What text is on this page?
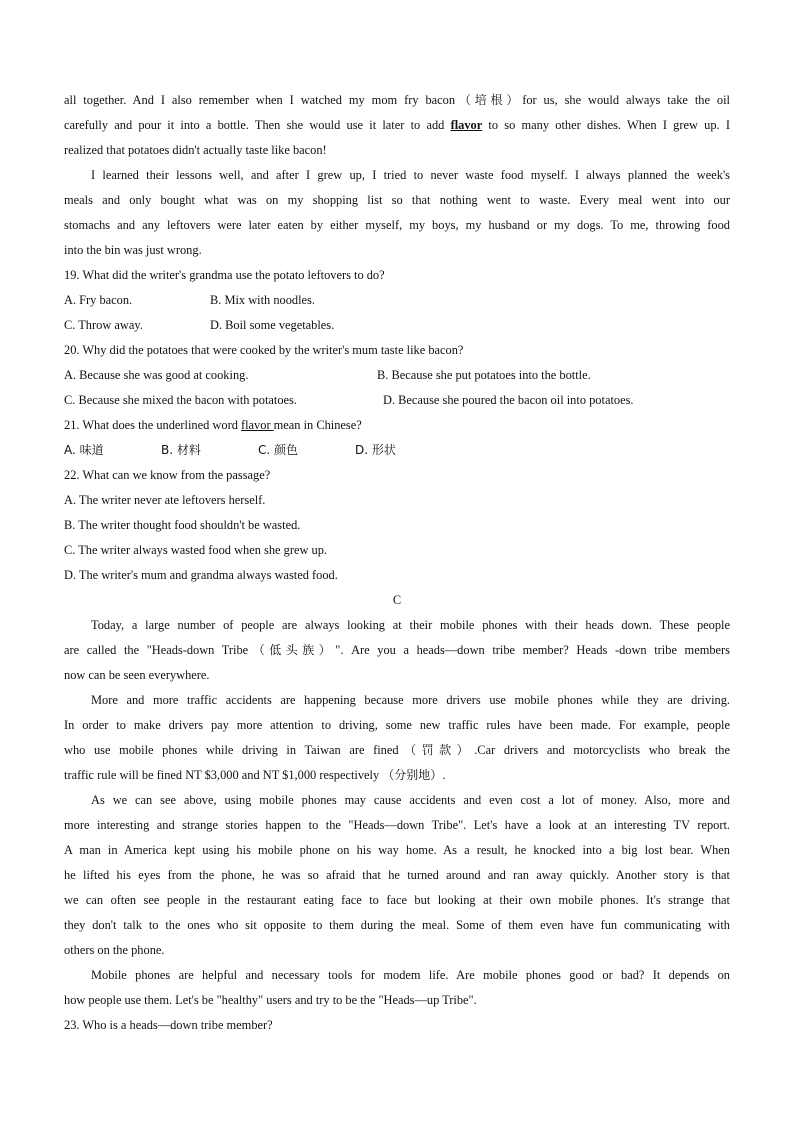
all together. And I also remember when I watched my mom fry bacon（培根）for us, she would always take the oil
carefully and pour it into a bottle. Then she would use it later to add flavor to so many other dishes. When I grew up. I
realized that potatoes didn't actually taste like bacon!
I learned their lessons well, and after I grew up, I tried to never waste food myself. I always planned the week's
meals and only bought what was on my shopping list so that nothing went to waste. Every meal went into our
stomachs and any leftovers were later eaten by either myself, my boys, my husband or my dogs. To me, throwing food
into the bin was just wrong.
19. What did the writer's grandma use the potato leftovers to do?
A. Fry bacon.	B. Mix with noodles.
C. Throw away.	D. Boil some vegetables.
20. Why did the potatoes that were cooked by the writer's mum taste like bacon?
A. Because she was good at cooking.	B. Because she put potatoes into the bottle.
C. Because she mixed the bacon with potatoes.	D. Because she poured the bacon oil into potatoes.
21. What does the underlined word flavor mean in Chinese?
A. 味道	B. 材料	C. 颜色	D. 形状
22. What can we know from the passage?
A. The writer never ate leftovers herself.
B. The writer thought food shouldn't be wasted.
C. The writer always wasted food when she grew up.
D. The writer's mum and grandma always wasted food.
C
Today, a large number of people are always looking at their mobile phones with their heads down. These people
are called the "Heads-down Tribe（低头族）". Are you a heads—down tribe member? Heads -down tribe members
now can be seen everywhere.
More and more traffic accidents are happening because more drivers use mobile phones while they are driving.
In order to make drivers pay more attention to driving, some new traffic rules have been made. For example, people
who use mobile phones while driving in Taiwan are fined（罚款）.Car drivers and motorcyclists who break the
traffic rule will be fined NT $3,000 and NT $1,000 respectively （分别地）.
As we can see above, using mobile phones may cause accidents and even cost a lot of money. Also, more and
more interesting and strange stories happen to the "Heads—down Tribe". Let's have a look at an interesting TV report.
A man in America kept using his mobile phone on his way home. As a result, he knocked into a big lost bear. When
he lifted his eyes from the phone, he was so afraid that he turned around and ran away quickly. Another story is that
we can often see people in the restaurant eating face to face but looking at their own mobile phones. It's strange that
they don't talk to the ones who sit opposite to them during the meal. Some of them even have fun communicating with
others on the phone.
Mobile phones are helpful and necessary tools for modem life. Are mobile phones good or bad? It depends on
how people use them. Let's be "healthy" users and try to be the "Heads—up Tribe".
23. Who is a heads—down tribe member?
